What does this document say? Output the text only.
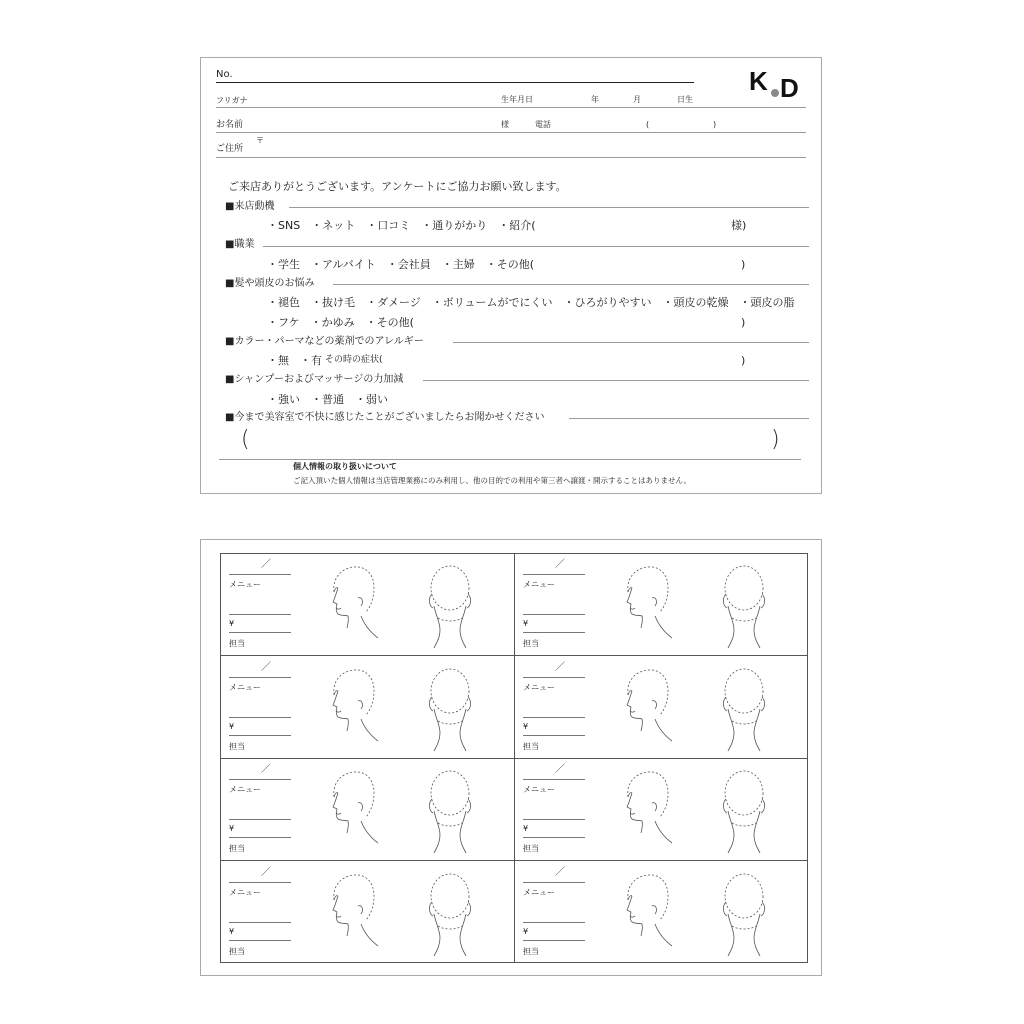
No.	K D
フリガナ	生年月日	年	月	日生
お名前	様	電話	(	)
ご住所
〒
ご来店ありがとうございます。アンケートにご協力お願い致します。
■来店動機
・SNS　・ネット　・口コミ　・通りがかり　・紹介(	様)
■職業
・学生　・アルバイト　・会社員　・主婦　・その他(	)
■髪や頭皮のお悩み
・褪色　・抜け毛　・ダメージ　・ボリュームがでにくい　・ひろがりやすい　・頭皮の乾燥　・頭皮の脂
・フケ　・かゆみ　・その他(	)
■カラー・パーマなどの薬剤でのアレルギー
・無　・有 その時の症状(	)
■シャンプーおよびマッサージの力加減
・強い　・普通　・弱い
■今まで美容室で不快に感じたことがございましたらお聞かせください
(	)
個人情報の取り扱いについて
ご記入頂いた個人情報は当店管理業務にのみ利用し、他の目的での利用や第三者へ譲渡・開示することはありません。
／
メニュー
¥
担当
／
メニュー
¥
担当
／
メニュー
¥
担当
／
メニュー
¥
担当
／
メニュー
¥
担当
／
メニュー
¥
担当
／
メニュー
¥
担当
／
メニュー
¥
担当
